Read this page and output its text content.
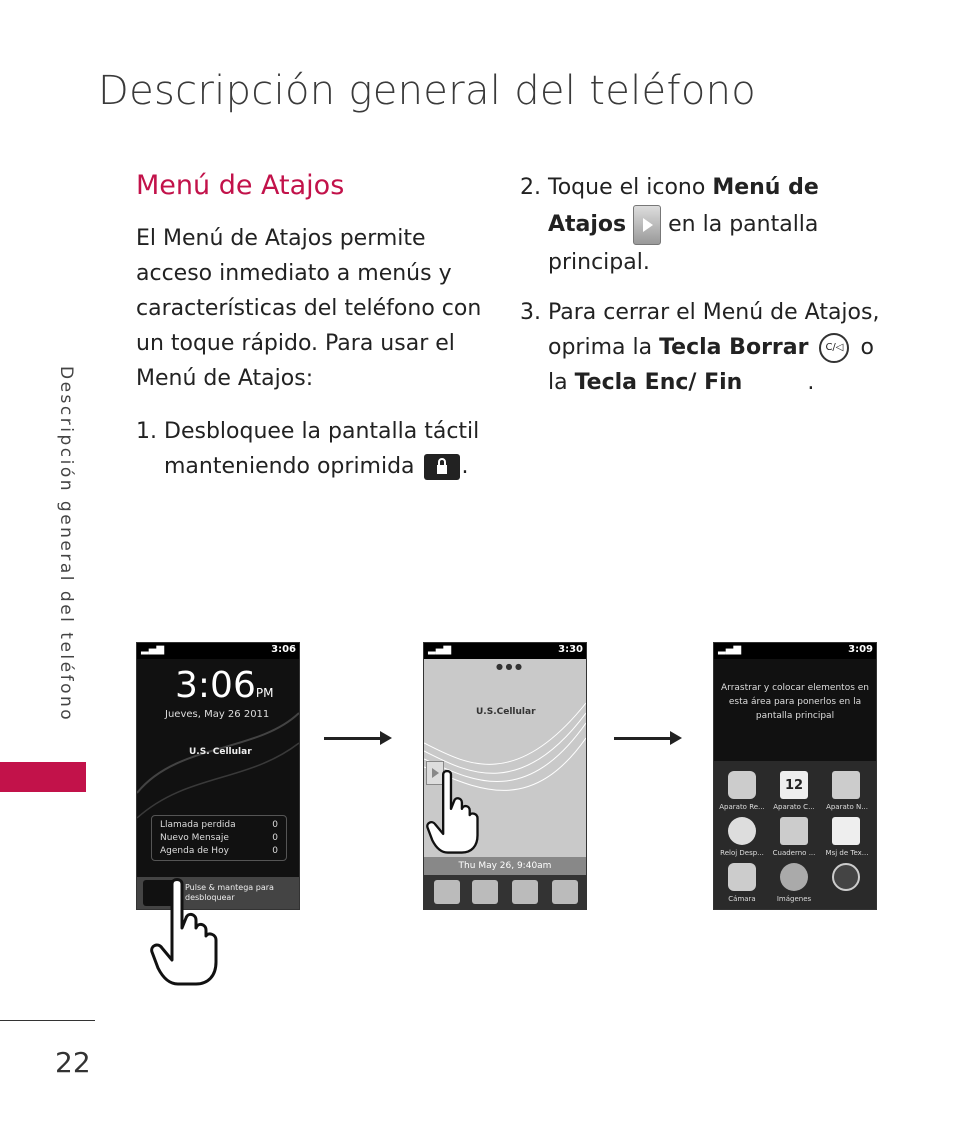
Descripción general del teléfono
Descripción general del teléfono
22
Menú de Atajos
El Menú de Atajos permite acceso inmediato a menús y características del teléfono con un toque rápido. Para usar el Menú de Atajos:
1. Desbloquee la pantalla táctil manteniendo oprimida .
2. Toque el icono Menú de Atajos en la pantalla principal.
3. Para cerrar el Menú de Atajos, oprima la Tecla Borrar C/◁ o la Tecla Enc/ Fin	.
▂▄▆	3:06
3:06PM
Jueves, May 26 2011
U.S. Cellular
Llamada perdida	0
Nuevo Mensaje	0
Agenda de Hoy	0
Pulse & mantega para desbloquear
▂▄▆	3:30
● ● ●
U.S.Cellular
Thu May 26, 9:40am
▂▄▆	3:09
Arrastrar y colocar elementos en esta área para ponerlos en la pantalla principal
12
Aparato Re...	Aparato C...	Aparato N...
Reloj Desp...	Cuaderno ...	Msj de Tex...
Cámara	Imágenes
